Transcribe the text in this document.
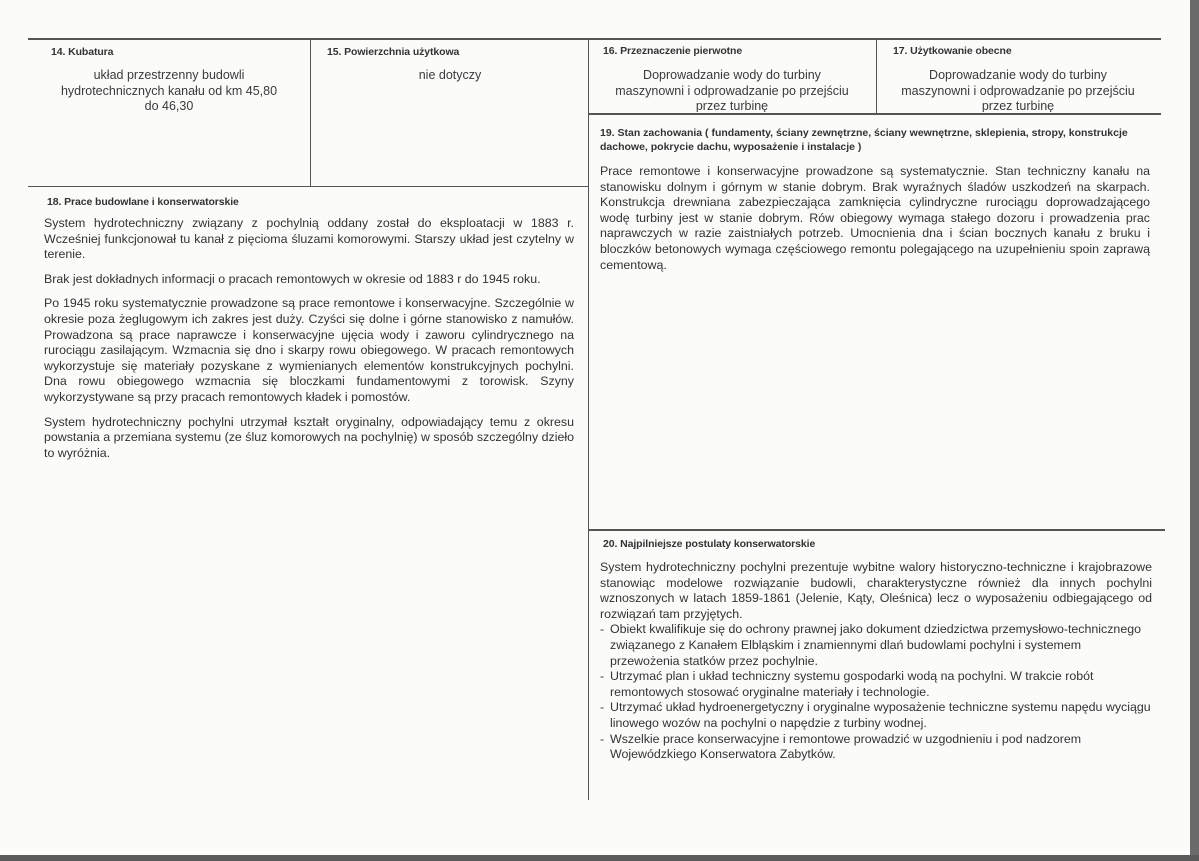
14. Kubatura
układ przestrzenny budowli
hydrotechnicznych kanału od km 45,80
do 46,30
15. Powierzchnia użytkowa
nie dotyczy
16. Przeznaczenie pierwotne
Doprowadzanie wody do turbiny
maszynowni i odprowadzanie po przejściu
przez turbinę
17. Użytkowanie obecne
Doprowadzanie wody do turbiny
maszynowni i odprowadzanie po przejściu
przez turbinę
18. Prace budowlane i konserwatorskie

System hydrotechniczny związany z pochylnią oddany został do eksploatacji w 1883 r. Wcześniej funkcjonował tu kanał z pięcioma śluzami komorowymi. Starszy układ jest czytelny w terenie.

Brak jest dokładnych informacji o pracach remontowych w okresie od 1883 r do 1945 roku.

Po 1945 roku systematycznie prowadzone są prace remontowe i konserwacyjne. Szczególnie w okresie poza żeglugowym ich zakres jest duży. Czyści się dolne i górne stanowisko z namułów. Prowadzona są prace naprawcze i konserwacyjne ujęcia wody i zaworu cylindrycznego na rurociągu zasilającym. Wzmacnia się dno i skarpy rowu obiegowego. W pracach remontowych wykorzystuje się materiały pozyskane z wymienianych elementów konstrukcyjnych pochylni. Dna rowu obiegowego wzmacnia się bloczkami fundamentowymi z torowisk. Szyny wykorzystywane są przy pracach remontowych kładek i pomostów.

System hydrotechniczny pochylni utrzymał kształt oryginalny, odpowiadający temu z okresu powstania a przemiana systemu (ze śluz komorowych na pochylnię) w sposób szczególny dzieło to wyróżnia.

19. Stan zachowania ( fundamenty, ściany zewnętrzne, ściany wewnętrzne, sklepienia, stropy, konstrukcje dachowe, pokrycie dachu, wyposażenie i instalacje )
Prace remontowe i konserwacyjne prowadzone są systematycznie. Stan techniczny kanału na stanowisku dolnym i górnym w stanie dobrym. Brak wyraźnych śladów uszkodzeń na skarpach. Konstrukcja drewniana zabezpieczająca zamknięcia cylindryczne rurociągu doprowadzającego wodę turbiny jest w stanie dobrym. Rów obiegowy wymaga stałego dozoru i prowadzenia prac naprawczych w razie zaistniałych potrzeb. Umocnienia dna i ścian bocznych kanału z bruku i bloczków betonowych wymaga częściowego remontu polegającego na uzupełnieniu spoin zaprawą cementową.
20. Najpilniejsze postulaty konserwatorskie
System hydrotechniczny pochylni prezentuje wybitne walory historyczno-techniczne i krajobrazowe stanowiąc modelowe rozwiązanie budowli, charakterystyczne również dla innych pochylni wznoszonych w latach 1859-1861 (Jelenie, Kąty, Oleśnica) lecz o wyposażeniu odbiegającego od rozwiązań tam przyjętych.
- Obiekt kwalifikuje się do ochrony prawnej jako dokument dziedzictwa przemysłowo-technicznego związanego z Kanałem Elbląskim i znamiennymi dlań budowlami pochylni i systemem przewożenia statków przez pochylnie.
- Utrzymać plan i układ techniczny systemu gospodarki wodą na pochylni. W trakcie robót remontowych stosować oryginalne materiały i technologie.
- Utrzymać układ hydroenergetyczny i oryginalne wyposażenie techniczne systemu napędu wyciągu linowego wozów na pochylni o napędzie z turbiny wodnej.
- Wszelkie prace konserwacyjne i remontowe prowadzić w uzgodnieniu i pod nadzorem Wojewódzkiego Konserwatora Zabytków.
